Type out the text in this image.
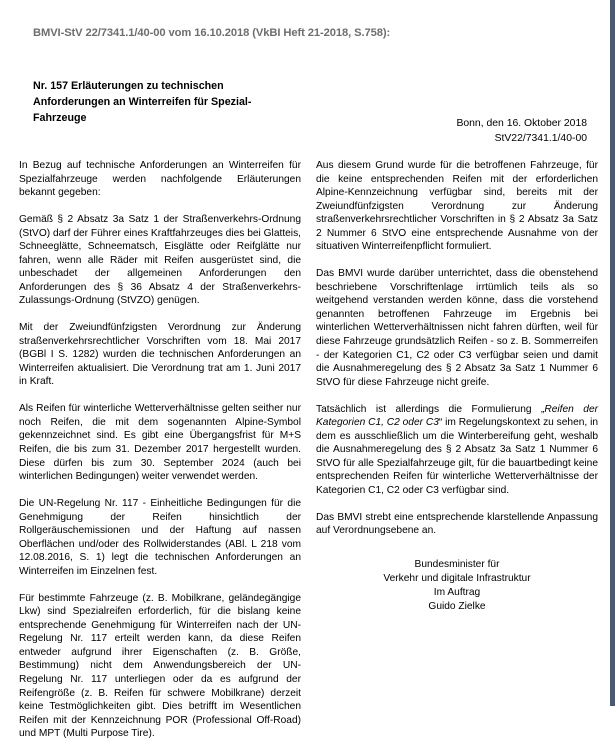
BMVI-StV 22/7341.1/40-00 vom 16.10.2018 (VkBI Heft 21-2018, S.758):
Nr. 157 Erläuterungen zu technischen
Anforderungen an Winterreifen für Spezial-
Fahrzeuge	Bonn, den 16. Oktober 2018
StV22/7341.1/40-00

In Bezug auf technische Anforderungen an Winterreifen für Spezialfahrzeuge werden nachfolgende Erläuterungen bekannt gegeben:

Gemäß § 2 Absatz 3a Satz 1 der Straßenverkehrs-Ordnung (StVO) darf der Führer eines Kraftfahrzeuges dies bei Glatteis, Schneeglätte, Schneematsch, Eisglätte oder Reifglätte nur fahren, wenn alle Räder mit Reifen ausgerüstet sind, die unbeschadet der allgemeinen Anforderungen den Anforderungen des § 36 Absatz 4 der Straßenverkehrs-Zulassungs-Ordnung (StVZO) genügen.

Mit der Zweiundfünfzigsten Verordnung zur Änderung straßenverkehrsrechtlicher Vorschriften vom 18. Mai 2017 (BGBl I S. 1282) wurden die technischen Anforderungen an Winterreifen aktualisiert. Die Verordnung trat am 1. Juni 2017 in Kraft.

Als Reifen für winterliche Wetterverhältnisse gelten seither nur noch Reifen, die mit dem sogenannten Alpine-Symbol gekennzeichnet sind. Es gibt eine Übergangsfrist für M+S Reifen, die bis zum 31. Dezember 2017 hergestellt wurden. Diese dürfen bis zum 30. September 2024 (auch bei winterlichen Bedingungen) weiter verwendet werden.

Die UN-Regelung Nr. 117 - Einheitliche Bedingungen für die Genehmigung der Reifen hinsichtlich der Rollgeräuschemissionen und der Haftung auf nassen Oberflächen und/oder des Rollwiderstandes (ABl. L 218 vom 12.08.2016, S. 1) legt die technischen Anforderungen an Winterreifen im Einzelnen fest.

Für bestimmte Fahrzeuge (z. B. Mobilkrane, geländegängige Lkw) sind Spezialreifen erforderlich, für die bislang keine entsprechende Genehmigung für Winterreifen nach der UN-Regelung Nr. 117 erteilt werden kann, da diese Reifen entweder aufgrund ihrer Eigenschaften (z. B. Größe, Bestimmung) nicht dem Anwendungsbereich der UN-Regelung Nr. 117 unterliegen oder da es aufgrund der Reifengröße (z. B. Reifen für schwere Mobilkrane) derzeit keine Testmöglichkeiten gibt. Dies betrifft im Wesentlichen Reifen mit der Kennzeichnung POR (Professional Off-Road) und MPT (Multi Purpose Tire).

Aus diesem Grund wurde für die betroffenen Fahrzeuge, für die keine entsprechenden Reifen mit der erforderlichen Alpine-Kennzeichnung verfügbar sind, bereits mit der Zweiundfünfzigsten Verordnung zur Änderung straßenverkehrsrechtlicher Vorschriften in § 2 Absatz 3a Satz 2 Nummer 6 StVO eine entsprechende Ausnahme von der situativen Winterreifenpflicht formuliert.

Das BMVI wurde darüber unterrichtet, dass die obenstehend beschriebene Vorschriftenlage irrtümlich teils als so weitgehend verstanden werden könne, dass die vorstehend genannten betroffenen Fahrzeuge im Ergebnis bei winterlichen Wetterverhältnissen nicht fahren dürften, weil für diese Fahrzeuge grundsätzlich Reifen - so z. B. Sommerreifen - der Kategorien C1, C2 oder C3 verfügbar seien und damit die Ausnahmeregelung des § 2 Absatz 3a Satz 1 Nummer 6 StVO für diese Fahrzeuge nicht greife.

Tatsächlich ist allerdings die Formulierung „Reifen der Kategorien C1, C2 oder C3“ im Regelungskontext zu sehen, in dem es ausschließlich um die Winterbereifung geht, weshalb die Ausnahmeregelung des § 2 Absatz 3a Satz 1 Nummer 6 StVO für alle Spezialfahrzeuge gilt, für die bauartbedingt keine entsprechenden Reifen für winterliche Wetterverhältnisse der Kategorien C1, C2 oder C3 verfügbar sind.

Das BMVI strebt eine entsprechende klarstellende Anpassung auf Verordnungsebene an.

Bundesminister für
Verkehr und digitale Infrastruktur
Im Auftrag
Guido Zielke
